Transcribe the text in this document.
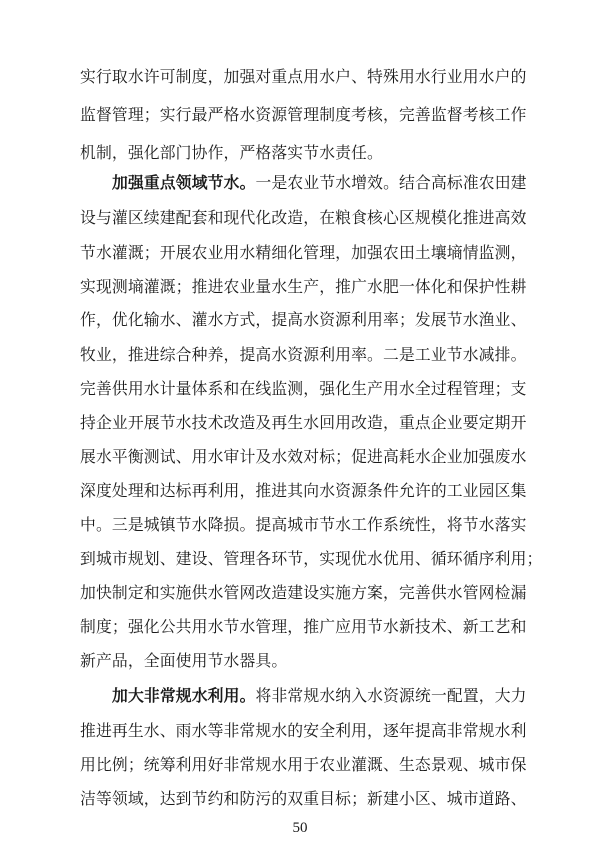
实行取水许可制度，加强对重点用水户、特殊用水行业用水户的
监督管理；实行最严格水资源管理制度考核，完善监督考核工作
机制，强化部门协作，严格落实节水责任。
加强重点领域节水。一是农业节水增效。结合高标准农田建
设与灌区续建配套和现代化改造，在粮食核心区规模化推进高效
节水灌溉；开展农业用水精细化管理，加强农田土壤墒情监测，
实现测墒灌溉；推进农业量水生产，推广水肥一体化和保护性耕
作，优化输水、灌水方式，提高水资源利用率；发展节水渔业、
牧业，推进综合种养，提高水资源利用率。二是工业节水减排。
完善供用水计量体系和在线监测，强化生产用水全过程管理；支
持企业开展节水技术改造及再生水回用改造，重点企业要定期开
展水平衡测试、用水审计及水效对标；促进高耗水企业加强废水
深度处理和达标再利用，推进其向水资源条件允许的工业园区集
中。三是城镇节水降损。提高城市节水工作系统性，将节水落实
到城市规划、建设、管理各环节，实现优水优用、循环循序利用；
加快制定和实施供水管网改造建设实施方案，完善供水管网检漏
制度；强化公共用水节水管理，推广应用节水新技术、新工艺和
新产品，全面使用节水器具。
加大非常规水利用。将非常规水纳入水资源统一配置，大力
推进再生水、雨水等非常规水的安全利用，逐年提高非常规水利
用比例；统筹利用好非常规水用于农业灌溉、生态景观、城市保
洁等领域，达到节约和防污的双重目标；新建小区、城市道路、
50
